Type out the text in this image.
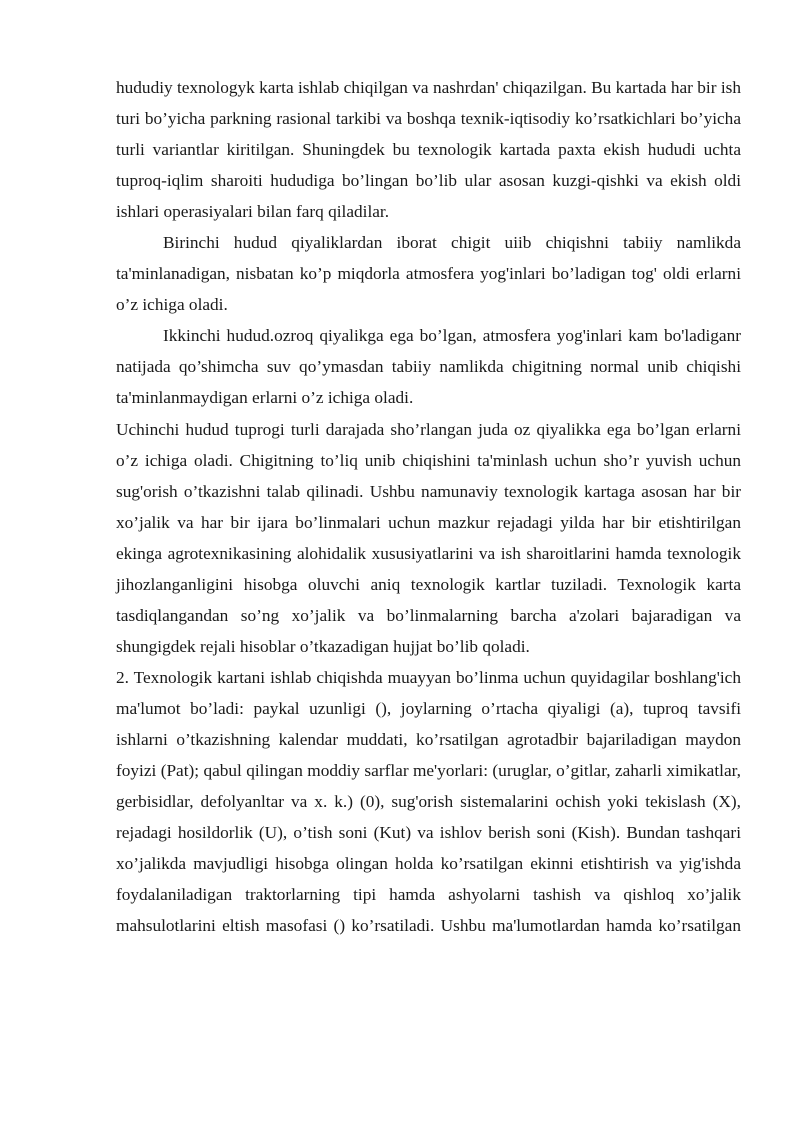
hududiy texnologyk karta ishlab chiqilgan va nashrdan' chiqazilgan. Bu kartada har bir ish turi bo’yicha parkning rasional tarkibi va boshqa texnik-iqtisodiy ko’rsatkichlari bo’yicha turli variantlar kiritilgan. Shuningdek bu texnologik kartada paxta ekish hududi uchta tuproq-iqlim sharoiti hududiga bo’lingan bo’lib ular asosan kuzgi-qishki va ekish oldi ishlari operasiyalari bilan farq qiladilar.

Birinchi hudud qiyaliklardan iborat chigit uiib chiqishni tabiiy namlikda ta'minlanadigan, nisbatan ko’p miqdorla atmosfera yog'inlari bo’ladigan tog' oldi erlarni o’z ichiga oladi.

Ikkinchi hudud.ozroq qiyalikga ega bo’lgan, atmosfera yog'inlari kam bo'ladiganr natijada qo’shimcha suv qo’ymasdan tabiiy namlikda chigitning normal unib chiqishi ta'minlanmaydigan erlarni o’z ichiga oladi.

Uchinchi hudud tuprogi turli darajada sho’rlangan juda oz qiyalikka ega bo’lgan erlarni o’z ichiga oladi. Chigitning to’liq unib chiqishini ta'minlash uchun sho’r yuvish uchun sug'orish o’tkazishni talab qilinadi. Ushbu namunaviy texnologik kartaga asosan har bir xo’jalik va har bir ijara bo’linmalari uchun mazkur rejadagi yilda har bir etishtirilgan ekinga agrotexnikasining alohidalik xususiyatlarini va ish sharoitlarini hamda texnologik jihozlanganligini hisobga oluvchi aniq texnologik kartlar tuziladi. Texnologik karta tasdiqlangandan so’ng xo’jalik va bo’linmalarning barcha a'zolari bajaradigan va shungigdek rejali hisoblar o’tkazadigan hujjat bo’lib qoladi.

2. Texnologik kartani ishlab chiqishda muayyan bo’linma uchun quyidagilar boshlang'ich ma'lumot bo’ladi: paykal uzunligi (), joylarning o’rtacha qiyaligi (a), tuproq tavsifi ishlarni o’tkazishning kalendar muddati, ko’rsatilgan agrotadbir bajariladigan maydon foyizi (Pat); qabul qilingan moddiy sarflar me'yorlari: (uruglar, o’gitlar, zaharli ximikatlar, gerbisidlar, defolyanltar va x. k.) (0), sug'orish sistemalarini ochish yoki tekislash (X), rejadagi hosildorlik (U), o’tish soni (Kut) va ishlov berish soni (Kish). Bundan tashqari xo’jalikda mavjudligi hisobga olingan holda ko’rsatilgan ekinni etishtirish va yig'ishda foydalaniladigan traktorlarning tipi hamda ashyolarni tashish va qishloq xo’jalik mahsulotlarini eltish masofasi () ko’rsatiladi. Ushbu ma'lumotlardan hamda ko’rsatilgan
